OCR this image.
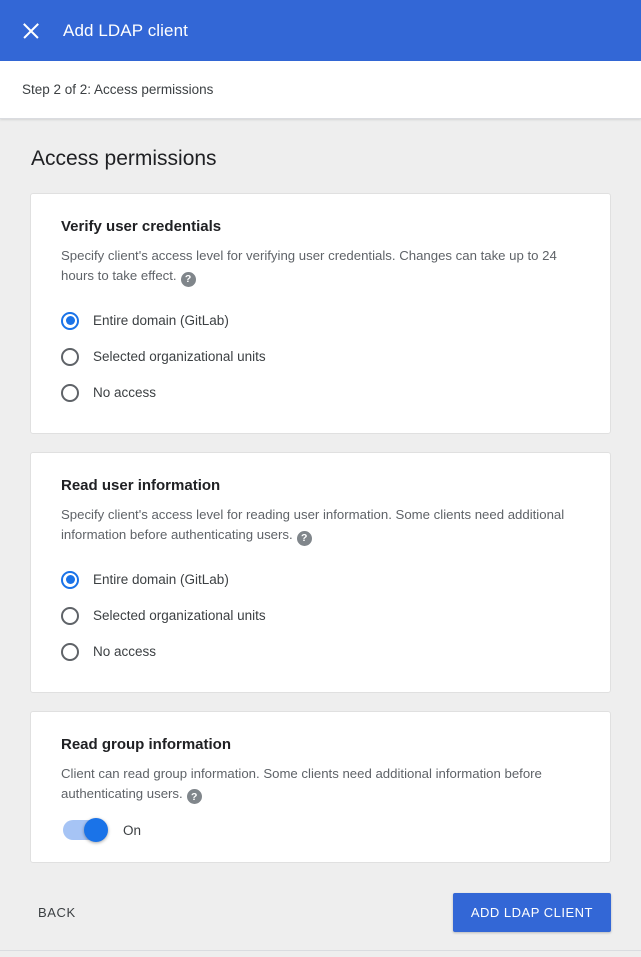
Add LDAP client
Step 2 of 2: Access permissions
Access permissions
Verify user credentials
Specify client's access level for verifying user credentials. Changes can take up to 24 hours to take effect. ?
Entire domain (GitLab)
Selected organizational units
No access
Read user information
Specify client's access level for reading user information. Some clients need additional information before authenticating users. ?
Entire domain (GitLab)
Selected organizational units
No access
Read group information
Client can read group information. Some clients need additional information before authenticating users. ?
On
BACK	ADD LDAP CLIENT
